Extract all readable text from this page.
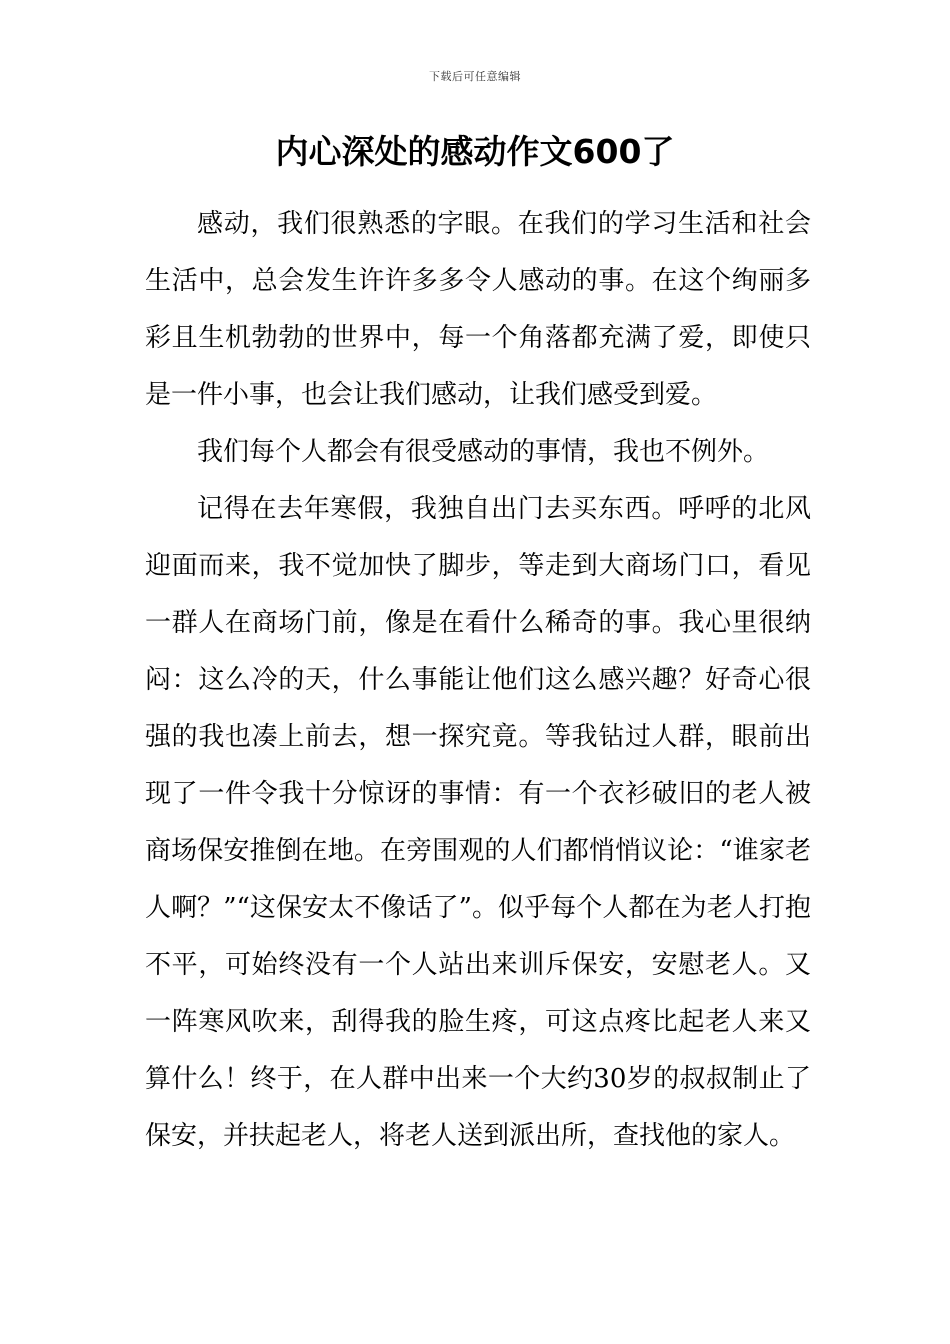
下载后可任意编辑
内心深处的感动作文600了

感动，我们很熟悉的字眼。在我们的学习生活和社会生活中，总会发生许许多多令人感动的事。在这个绚丽多彩且生机勃勃的世界中，每一个角落都充满了爱，即使只是一件小事，也会让我们感动，让我们感受到爱。

我们每个人都会有很受感动的事情，我也不例外。

记得在去年寒假，我独自出门去买东西。呼呼的北风迎面而来，我不觉加快了脚步，等走到大商场门口，看见一群人在商场门前，像是在看什么稀奇的事。我心里很纳闷：这么冷的天，什么事能让他们这么感兴趣？好奇心很强的我也凑上前去，想一探究竟。等我钻过人群，眼前出现了一件令我十分惊讶的事情：有一个衣衫破旧的老人被商场保安推倒在地。在旁围观的人们都悄悄议论：“谁家老人啊？”“这保安太不像话了”。似乎每个人都在为老人打抱不平，可始终没有一个人站出来训斥保安，安慰老人。又一阵寒风吹来，刮得我的脸生疼，可这点疼比起老人来又算什么！终于，在人群中出来一个大约30岁的叔叔制止了保安，并扶起老人，将老人送到派出所，查找他的家人。
